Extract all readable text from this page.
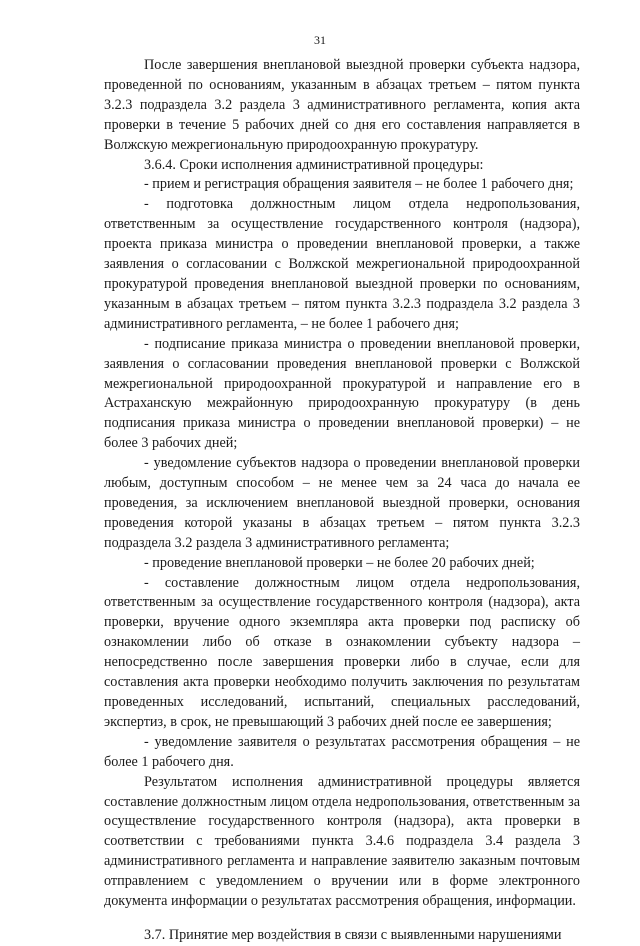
31

После завершения внеплановой выездной проверки субъекта надзора, проведенной по основаниям, указанным в абзацах третьем – пятом пункта 3.2.3 подраздела 3.2 раздела 3 административного регламента, копия акта проверки в течение 5 рабочих дней со дня его составления направляется в Волжскую межрегиональную природоохранную прокуратуру.

3.6.4. Сроки исполнения административной процедуры:

- прием и регистрация обращения заявителя – не более 1 рабочего дня;

- подготовка должностным лицом отдела недропользования, ответственным за осуществление государственного контроля (надзора), проекта приказа министра о проведении внеплановой проверки, а также заявления о согласовании с Волжской межрегиональной природоохранной прокуратурой проведения внеплановой выездной проверки по основаниям, указанным в абзацах третьем – пятом пункта 3.2.3 подраздела 3.2 раздела 3 административного регламента, – не более 1 рабочего дня;

- подписание приказа министра о проведении внеплановой проверки, заявления о согласовании проведения внеплановой проверки с Волжской межрегиональной природоохранной прокуратурой и направление его в Астраханскую межрайонную природоохранную прокуратуру (в день подписания приказа министра о проведении внеплановой проверки) – не более 3 рабочих дней;

- уведомление субъектов надзора о проведении внеплановой проверки любым, доступным способом – не менее чем за 24 часа до начала ее проведения, за исключением внеплановой выездной проверки, основания проведения которой указаны в абзацах третьем – пятом пункта 3.2.3 подраздела 3.2 раздела 3 административного регламента;

- проведение внеплановой проверки – не более 20 рабочих дней;

- составление должностным лицом отдела недропользования, ответственным за осуществление государственного контроля (надзора), акта проверки, вручение одного экземпляра акта проверки под расписку об ознакомлении либо об отказе в ознакомлении субъекту надзора – непосредственно после завершения проверки либо в случае, если для составления акта проверки необходимо получить заключения по результатам проведенных исследований, испытаний, специальных расследований, экспертиз, в срок, не превышающий 3 рабочих дней после ее завершения;

- уведомление заявителя о результатах рассмотрения обращения – не более 1 рабочего дня.

Результатом исполнения административной процедуры является составление должностным лицом отдела недропользования, ответственным за осуществление государственного контроля (надзора), акта проверки в соответствии с требованиями пункта 3.4.6 подраздела 3.4 раздела 3 административного регламента и направление заявителю заказным почтовым отправлением с уведомлением о вручении или в форме электронного документа информации о результатах рассмотрения обращения, информации.

3.7. Принятие мер воздействия в связи с выявленными нарушениями
